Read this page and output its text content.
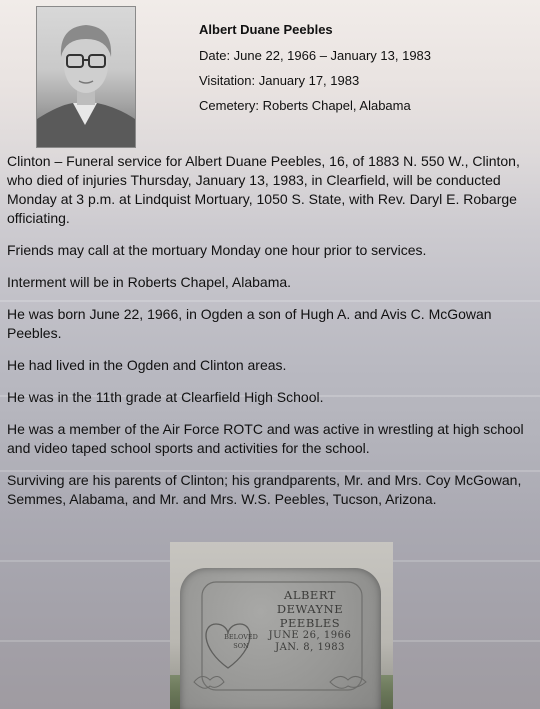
Albert Duane Peebles

Date: June 22, 1966 – January 13, 1983

Visitation: January 17, 1983

Cemetery: Roberts Chapel, Alabama

Clinton – Funeral service for Albert Duane Peebles, 16, of 1883 N. 550 W., Clinton, who died of injuries Thursday, January 13, 1983, in Clearfield, will be conducted Monday at 3 p.m. at Lindquist Mortuary, 1050 S. State, with Rev. Daryl E. Robarge officiating.

Friends may call at the mortuary Monday one hour prior to services.

Interment will be in Roberts Chapel, Alabama.

He was born June 22, 1966, in Ogden a son of Hugh A. and Avis C. McGowan Peebles.

He had lived in the Ogden and Clinton areas.

He was in the 11th grade at Clearfield High School.

He was a member of the Air Force ROTC and was active in wrestling at high school and video taped school sports and activities for the school.

Surviving are his parents of Clinton; his grandparents, Mr. and Mrs. Coy McGowan, Semmes, Alabama, and Mr. and Mrs. W.S. Peebles, Tucson, Arizona.

ALBERT DEWAYNE
PEEBLES
JUNE 26, 1966
JAN. 8, 1983
BELOVED
SON
